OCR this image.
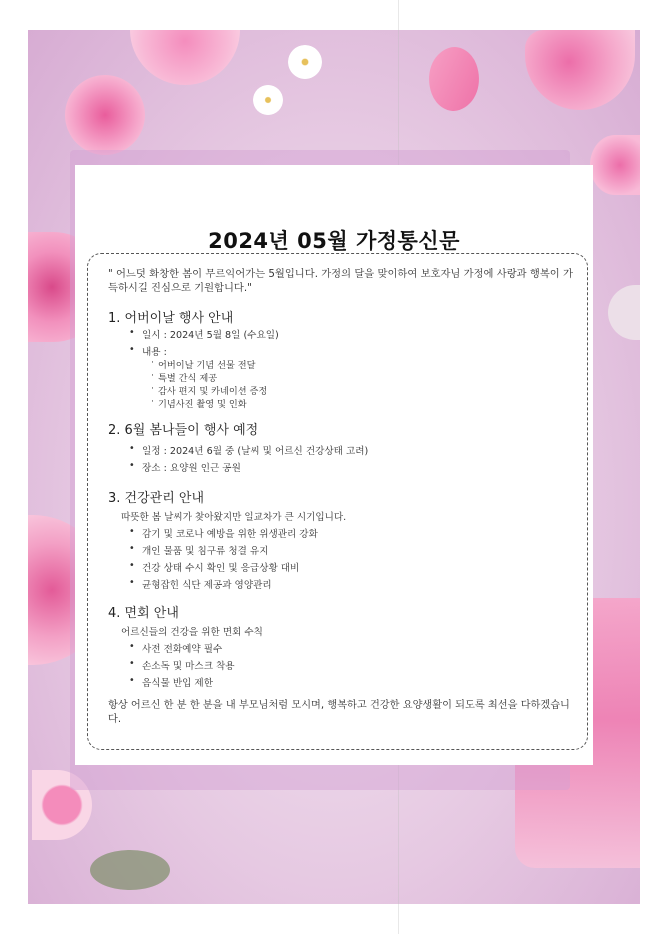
2024년 05월 가정통신문
" 어느덧 화창한 봄이 무르익어가는 5월입니다. 가정의 달을 맞이하여 보호자님 가정에 사랑과 행복이 가득하시길 진심으로 기원합니다."
1. 어버이날 행사 안내
• 일시 : 2024년 5월 8일 (수요일)
• 내용 :
· 어버이날 기념 선물 전달
· 특별 간식 제공
· 감사 편지 및 카네이션 증정
· 기념사진 촬영 및 인화
2. 6월 봄나들이 행사 예정
• 일정 : 2024년 6월 중 (날씨 및 어르신 건강상태 고려)
• 장소 : 요양원 인근 공원
3. 건강관리 안내
따뜻한 봄 날씨가 찾아왔지만 일교차가 큰 시기입니다.
• 감기 및 코로나 예방을 위한 위생관리 강화
• 개인 물품 및 침구류 청결 유지
• 건강 상태 수시 확인 및 응급상황 대비
• 균형잡힌 식단 제공과 영양관리
4. 면회 안내
어르신들의 건강을 위한 면회 수칙
• 사전 전화예약 필수
• 손소독 및 마스크 착용
• 음식물 반입 제한
항상 어르신 한 분 한 분을 내 부모님처럼 모시며, 행복하고 건강한 요양생활이 되도록 최선을 다하겠습니다.
